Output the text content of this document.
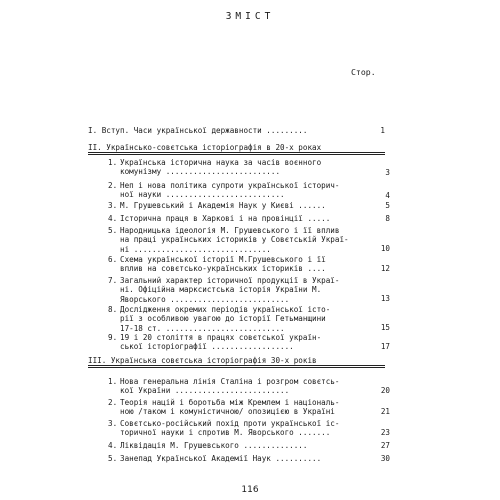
ЗМІСТ
Стор.
І. Вступ. Часи української державности .........	1
II. Українсько-совєтська історіографія в 20-х роках
1. Українська історична наука за часів воєнного
комунізму .........................	3
2. Неп і нова політика супроти української історич-
ної науки ..........................	4
3. М. Грушевський і Академія Наук у Києві ......	5
4. Історична праця в Харкові і на провінції .....	8
5. Народницька ідеологія М. Грушевського і її вплив
на праці українських істориків у Совєтській Украї-
ні ..............................	10
6. Схема української історії М.Грушевського і її
вплив на совєтсько-українських істориків ....	12
7. Загальний характер історичної продукції в Украї-
ні. Офіційна марксистська історія України М.
Яворського ..........................	13
8. Дослідження окремих періодів української істо-
рії з особливою увагою до історії Гетьманщини
17-18 ст. ..........................	15
9. 19 і 20 століття в працях совєтської україн-
ської історіографії ..................	17
III. Українська совєтська історіографія 30-х років
1. Нова генеральна лінія Сталіна і розгром совєтсь-
кої України .........................	20
2. Теорія націй і боротьба між Кремлем і національ-
ною /таком і комуністичною/ опозицією в Україні	21
3. Совєтсько-російський похід проти української іс-
торичної науки і спротив М. Яворського .......	23
4. Ліквідація М. Грушевського ..............	27
5. Занепад Української Академії Наук ..........	30
116
